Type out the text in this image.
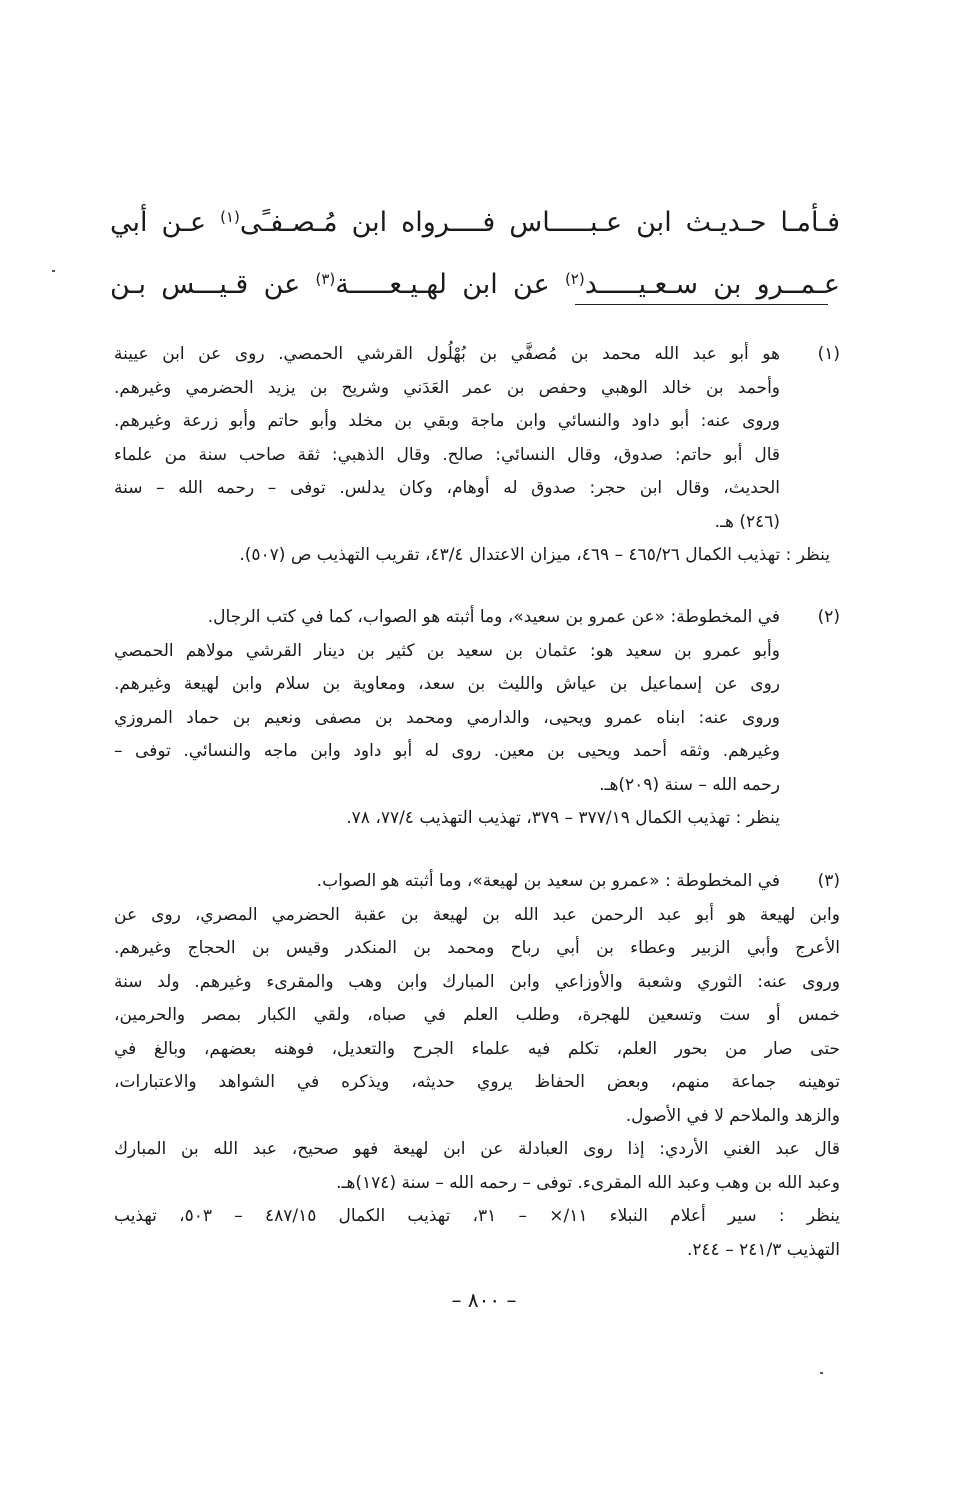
فـأمـا حـديـث ابن عـبـــــاس فــــرواه ابن مُـصـفـًى$^{(١)}$ عـن أبي
عـمــرو بن سـعـيـــــد$^{(٢)}$ عن ابن لهـيـعـــــة$^{(٣)}$ عن قـيـــس بـن
(١)
هو أبو عبد الله محمد بن مُصفَّي بن بُهْلُول القرشي الحمصي. روى عن ابن عيينة
وأحمد بن خالد الوهبي وحفص بن عمر العَدَني وشريح بن يزيد الحضرمي وغيرهم.
وروى عنه: أبو داود والنسائي وابن ماجة وبقي بن مخلد وأبو حاتم وأبو زرعة وغيرهم.
قال أبو حاتم: صدوق، وقال النسائي: صالح. وقال الذهبي: ثقة صاحب سنة من علماء
الحديث، وقال ابن حجر: صدوق له أوهام، وكان يدلس. توفى – رحمه الله – سنة
(٢٤٦) هـ.
ينظر : تهذيب الكمال ٤٦٥/٢٦ – ٤٦٩، ميزان الاعتدال ٤٣/٤، تقريب التهذيب ص (٥٠٧).
(٢)
في المخطوطة: «عن عمرو بن سعيد»، وما أثبته هو الصواب، كما في كتب الرجال.
وأبو عمرو بن سعيد هو: عثمان بن سعيد بن كثير بن دينار القرشي مولاهم الحمصي
روى عن إسماعيل بن عياش والليث بن سعد، ومعاوية بن سلام وابن لهيعة وغيرهم.
وروى عنه: ابناه عمرو ويحيى، والدارمي ومحمد بن مصفى ونعيم بن حماد المروزي
وغيرهم. وثقه أحمد ويحيى بن معين. روى له أبو داود وابن ماجه والنسائي. توفى –
رحمه الله – سنة (٢٠٩)هـ.
ينظر : تهذيب الكمال ٣٧٧/١٩ – ٣٧٩، تهذيب التهذيب ٧٧/٤، ٧٨.
(٣)
في المخطوطة : «عمرو بن سعيد بن لهيعة»، وما أثبته هو الصواب.
وابن لهيعة هو أبو عبد الرحمن عبد الله بن لهيعة بن عقبة الحضرمي المصري، روى عن
الأعرج وأبي الزبير وعطاء بن أبي رباح ومحمد بن المنكدر وقيس بن الحجاج وغيرهم.
وروى عنه: الثوري وشعبة والأوزاعي وابن المبارك وابن وهب والمقرىء وغيرهم. ولد سنة
خمس أو ست وتسعين للهجرة، وطلب العلم في صباه، ولقي الكبار بمصر والحرمين،
حتى صار من بحور العلم، تكلم فيه علماء الجرح والتعديل، فوهنه بعضهم، وبالغ في
توهينه جماعة منهم، وبعض الحفاظ يروي حديثه، ويذكره في الشواهد والاعتبارات،
والزهد والملاحم لا في الأصول.
قال عبد الغني الأردي: إذا روى العبادلة عن ابن لهيعة فهو صحيح، عبد الله بن المبارك
وعبد الله بن وهب وعبد الله المقرىء. توفى – رحمه الله – سنة (١٧٤)هـ.
ينظر : سير أعلام النبلاء ١١/× – ٣١، تهذيب الكمال ٤٨٧/١٥ – ٥٠٣، تهذيب
التهذيب ٢٤١/٣ – ٢٤٤.
– ٨٠٠ –
